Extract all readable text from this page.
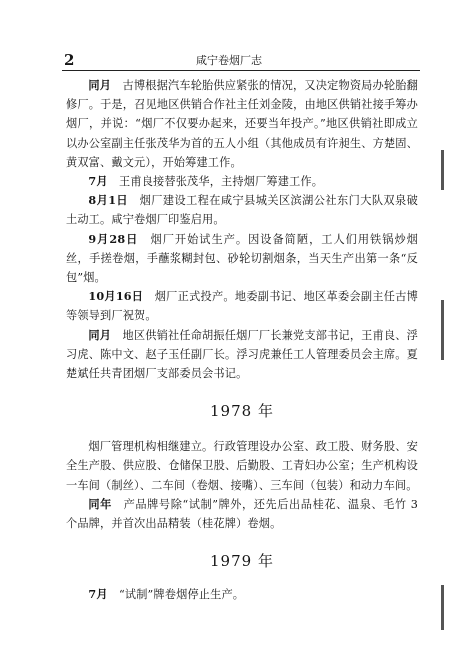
2	咸宁卷烟厂志

同月　 古博根据汽车轮胎供应紧张的情况，又决定物资局办轮胎翻修厂。于是，召见地区供销合作社主任刘金陵，由地区供销社接手筹办烟厂，并说：“烟厂不仅要办起来，还要当年投产。”地区供销社即成立以办公室副主任张茂华为首的五人小组（其他成员有许昶生、方楚固、黄双富、戴文元），开始筹建工作。

7月　 王甫良接替张茂华，主持烟厂筹建工作。

8月1日　 烟厂建设工程在咸宁县城关区滨湖公社东门大队双泉破土动工。咸宁卷烟厂印鉴启用。

9月28日　 烟厂开始试生产。因设备简陋，工人们用铁锅炒烟丝，手搓卷烟，手蘸浆糊封包、砂轮切割烟条，当天生产出第一条“反包”烟。

10月16日　 烟厂正式投产。地委副书记、地区革委会副主任古博等领导到厂祝贺。

同月　 地区供销社任命胡振任烟厂厂长兼党支部书记，王甫良、浮习虎、陈中文、赵子玉任副厂长。浮习虎兼任工人管理委员会主席。夏楚斌任共青团烟厂支部委员会书记。

1978 年

烟厂管理机构相继建立。行政管理设办公室、政工股、财务股、安全生产股、供应股、仓储保卫股、后勤股、工青妇办公室；生产机构设一车间（制丝）、二车间（卷烟、接嘴）、三车间（包装）和动力车间。

同年　 产品牌号除“试制”牌外，还先后出品桂花、温泉、毛竹 3 个品牌，并首次出品精装（桂花牌）卷烟。

1979 年

7月　 “试制”牌卷烟停止生产。
